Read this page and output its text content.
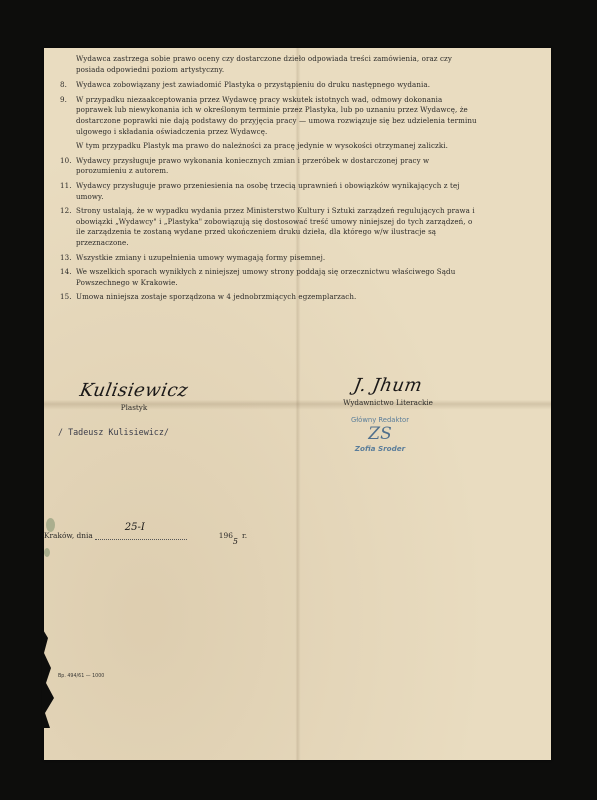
Wydawca zastrzega sobie prawo oceny czy dostarczone dzieło odpowiada treści zamówienia, oraz czy posiada odpowiedni poziom artystyczny.

8.	Wydawca zobowiązany jest zawiadomić Plastyka o przystąpieniu do druku następnego wydania.
9.	W przypadku niezaakceptowania przez Wydawcę pracy wskutek istotnych wad, odmowy dokonania poprawek lub niewykonania ich w określonym terminie przez Plastyka, lub po uznaniu przez Wydawcę, że dostarczone poprawki nie dają podstawy do przyjęcia pracy — umowa rozwiązuje się bez udzielenia terminu ulgowego i składania oświadczenia przez Wydawcę.
W tym przypadku Plastyk ma prawo do należności za pracę jedynie w wysokości otrzymanej zaliczki.
10. Wydawcy przysługuje prawo wykonania koniecznych zmian i przeróbek w dostarczonej pracy w porozumieniu z autorem.
11. Wydawcy przysługuje prawo przeniesienia na osobę trzecią uprawnień i obowiązków wynikających z tej umowy.
12. Strony ustalają, że w wypadku wydania przez Ministerstwo Kultury i Sztuki zarządzeń regulujących prawa i obowiązki „Wydawcy" i „Plastyka" zobowiązują się dostosować treść umowy niniejszej do tych zarządzeń, o ile zarządzenia te zostaną wydane przed ukończeniem druku dzieła, dla którego w/w ilustracje są przeznaczone.
13. Wszystkie zmiany i uzupełnienia umowy wymagają formy pisemnej.
14. We wszelkich sporach wynikłych z niniejszej umowy strony poddają się orzecznictwu właściwego Sądu Powszechnego w Krakowie.
15. Umowa niniejsza zostaje sporządzona w 4 jednobrzmiących egzemplarzach.
Kulisiewicz
Plastyk
/ Tadeusz Kulisiewicz/
J. Jhum
Wydawnictwo Literackie
Główny Redaktor
ZS
Zofia Sroder
Kraków, dnia
25-I
196
5
r.
Bp. 494/61 — 1000
